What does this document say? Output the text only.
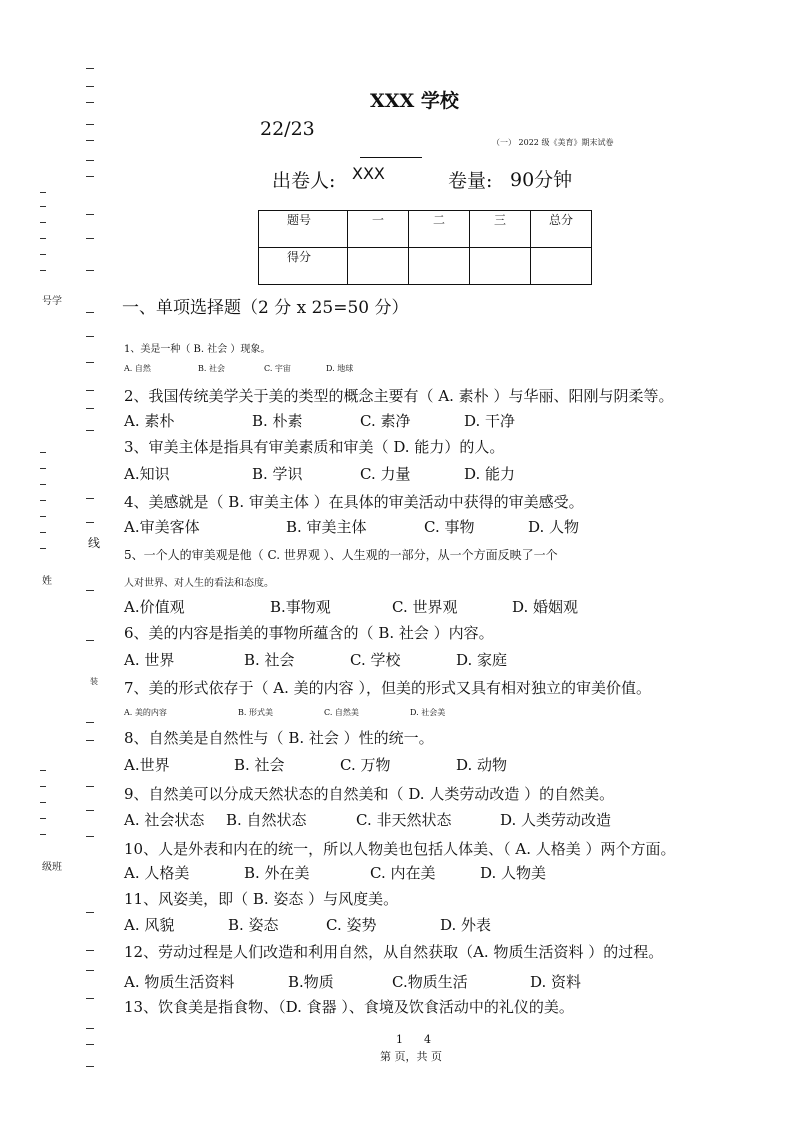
号学
线
姓
装
级班
XXX 学校
22/23
（一） 2022 级《美育》期末试卷
出卷人: XXX	卷量: 90分钟
题号	一	二	三	总分
得分				
一、单项选择题（2 分 x 25=50 分）
1、美是一种（ B. 社会 ）现象。
A. 自然	B. 社会	C. 宇宙	D. 地球
2、我国传统美学关于美的类型的概念主要有（ A. 素朴 ）与华丽、阳刚与阴柔等。
A. 素朴	B. 朴素	C. 素净	D. 干净
3、审美主体是指具有审美素质和审美（ D. 能力）的人。
A.知识	B. 学识	C. 力量	D. 能力
4、美感就是（ B. 审美主体 ）在具体的审美活动中获得的审美感受。
A.审美客体	B. 审美主体	C. 事物	D. 人物
5、一个人的审美观是他（ C. 世界观 ）、人生观的一部分，从一个方面反映了一个
人对世界、对人生的看法和态度。
A.价值观	B.事物观	C. 世界观	D. 婚姻观
6、美的内容是指美的事物所蕴含的（ B. 社会 ）内容。
A. 世界	B. 社会	C. 学校	D. 家庭
7、美的形式依存于（ A. 美的内容 ），但美的形式又具有相对独立的审美价值。
A. 美的内容	B. 形式美	C. 自然美	D. 社会美
8、自然美是自然性与（ B. 社会 ）性的统一。
A.世界	B. 社会	C. 万物	D. 动物
9、自然美可以分成天然状态的自然美和（ D. 人类劳动改造 ）的自然美。
A. 社会状态 B. 自然状态	C. 非天然状态	D. 人类劳动改造
10、人是外表和内在的统一，所以人物美也包括人体美、（ A. 人格美 ）两个方面。
A. 人格美	B. 外在美	C. 内在美	D. 人物美
11、风姿美，即（ B. 姿态 ）与风度美。
A. 风貌	B. 姿态	C. 姿势	D. 外表
12、劳动过程是人们改造和利用自然，从自然获取（A. 物质生活资料 ）的过程。
A. 物质生活资料	B.物质	C.物质生活	D. 资料
13、饮食美是指食物、（D. 食器 ）、食境及饮食活动中的礼仪的美。
1      4
第 页，共 页
